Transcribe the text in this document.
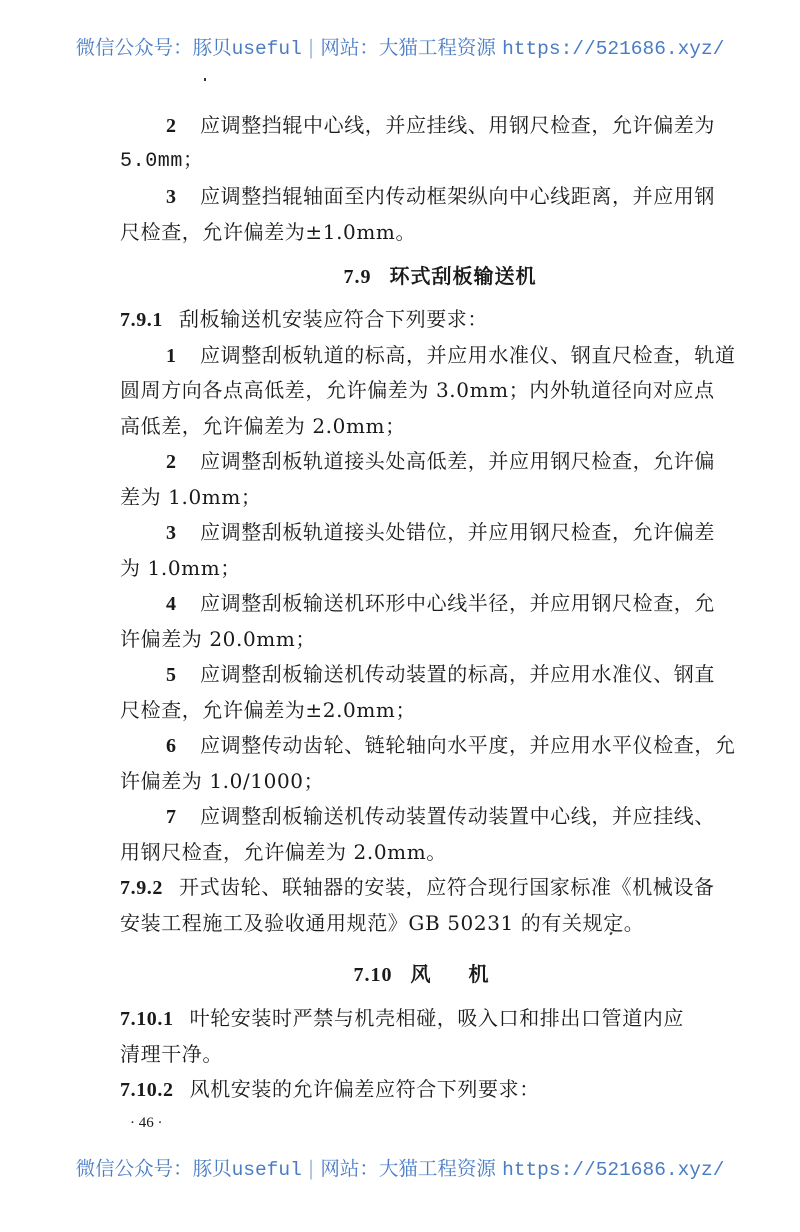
微信公众号：豚贝useful | 网站：大猫工程资源 https://521686.xyz/
2 应调整挡辊中心线，并应挂线、用钢尺检查，允许偏差为
5.0mm；
3 应调整挡辊轴面至内传动框架纵向中心线距离，并应用钢
尺检查，允许偏差为±1.0mm。
7.9 环式刮板输送机
7.9.1 刮板输送机安装应符合下列要求：
1 应调整刮板轨道的标高，并应用水准仪、钢直尺检查，轨道
圆周方向各点高低差，允许偏差为 3.0mm；内外轨道径向对应点
高低差，允许偏差为 2.0mm；
2 应调整刮板轨道接头处高低差，并应用钢尺检查，允许偏
差为 1.0mm；
3 应调整刮板轨道接头处错位，并应用钢尺检查，允许偏差
为 1.0mm；
4 应调整刮板输送机环形中心线半径，并应用钢尺检查，允
许偏差为 20.0mm；
5 应调整刮板输送机传动装置的标高，并应用水准仪、钢直
尺检查，允许偏差为±2.0mm；
6 应调整传动齿轮、链轮轴向水平度，并应用水平仪检查，允
许偏差为 1.0/1000；
7 应调整刮板输送机传动装置传动装置中心线，并应挂线、
用钢尺检查，允许偏差为 2.0mm。
7.9.2 开式齿轮、联轴器的安装，应符合现行国家标准《机械设备
安装工程施工及验收通用规范》GB 50231 的有关规定。
7.10 风机
7.10.1 叶轮安装时严禁与机壳相碰，吸入口和排出口管道内应
清理干净。
7.10.2 风机安装的允许偏差应符合下列要求：
· 46 ·
微信公众号：豚贝useful | 网站：大猫工程资源 https://521686.xyz/
